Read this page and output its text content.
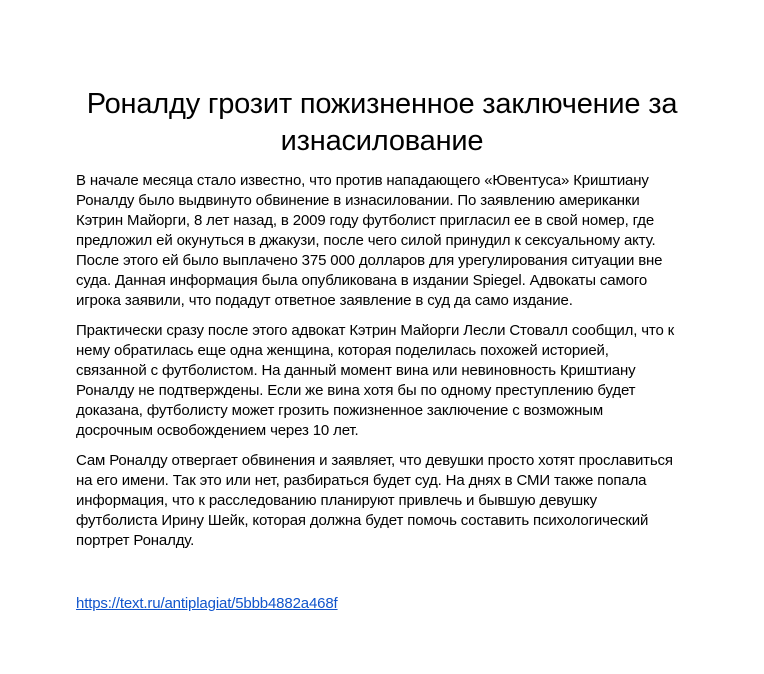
Роналду грозит пожизненное заключение за
изнасилование

В начале месяца стало известно, что против нападающего «Ювентуса» Криштиану
Роналду было выдвинуто обвинение в изнасиловании. По заявлению американки
Кэтрин Майорги, 8 лет назад, в 2009 году футболист пригласил ее в свой номер, где
предложил ей окунуться в джакузи, после чего силой принудил к сексуальному акту.
После этого ей было выплачено 375 000 долларов для урегулирования ситуации вне
суда. Данная информация была опубликована в издании Spiegel. Адвокаты самого
игрока заявили, что подадут ответное заявление в суд да само издание.

Практически сразу после этого адвокат Кэтрин Майорги Лесли Стовалл сообщил, что к
нему обратилась еще одна женщина, которая поделилась похожей историей,
связанной с футболистом. На данный момент вина или невиновность Криштиану
Роналду не подтверждены. Если же вина хотя бы по одному преступлению будет
доказана, футболисту может грозить пожизненное заключение с возможным
досрочным освобождением через 10 лет.

Сам Роналду отвергает обвинения и заявляет, что девушки просто хотят прославиться
на его имени. Так это или нет, разбираться будет суд. На днях в СМИ также попала
информация, что к расследованию планируют привлечь и бывшую девушку
футболиста Ирину Шейк, которая должна будет помочь составить психологический
портрет Роналду.

https://text.ru/antiplagiat/5bbb4882a468f
